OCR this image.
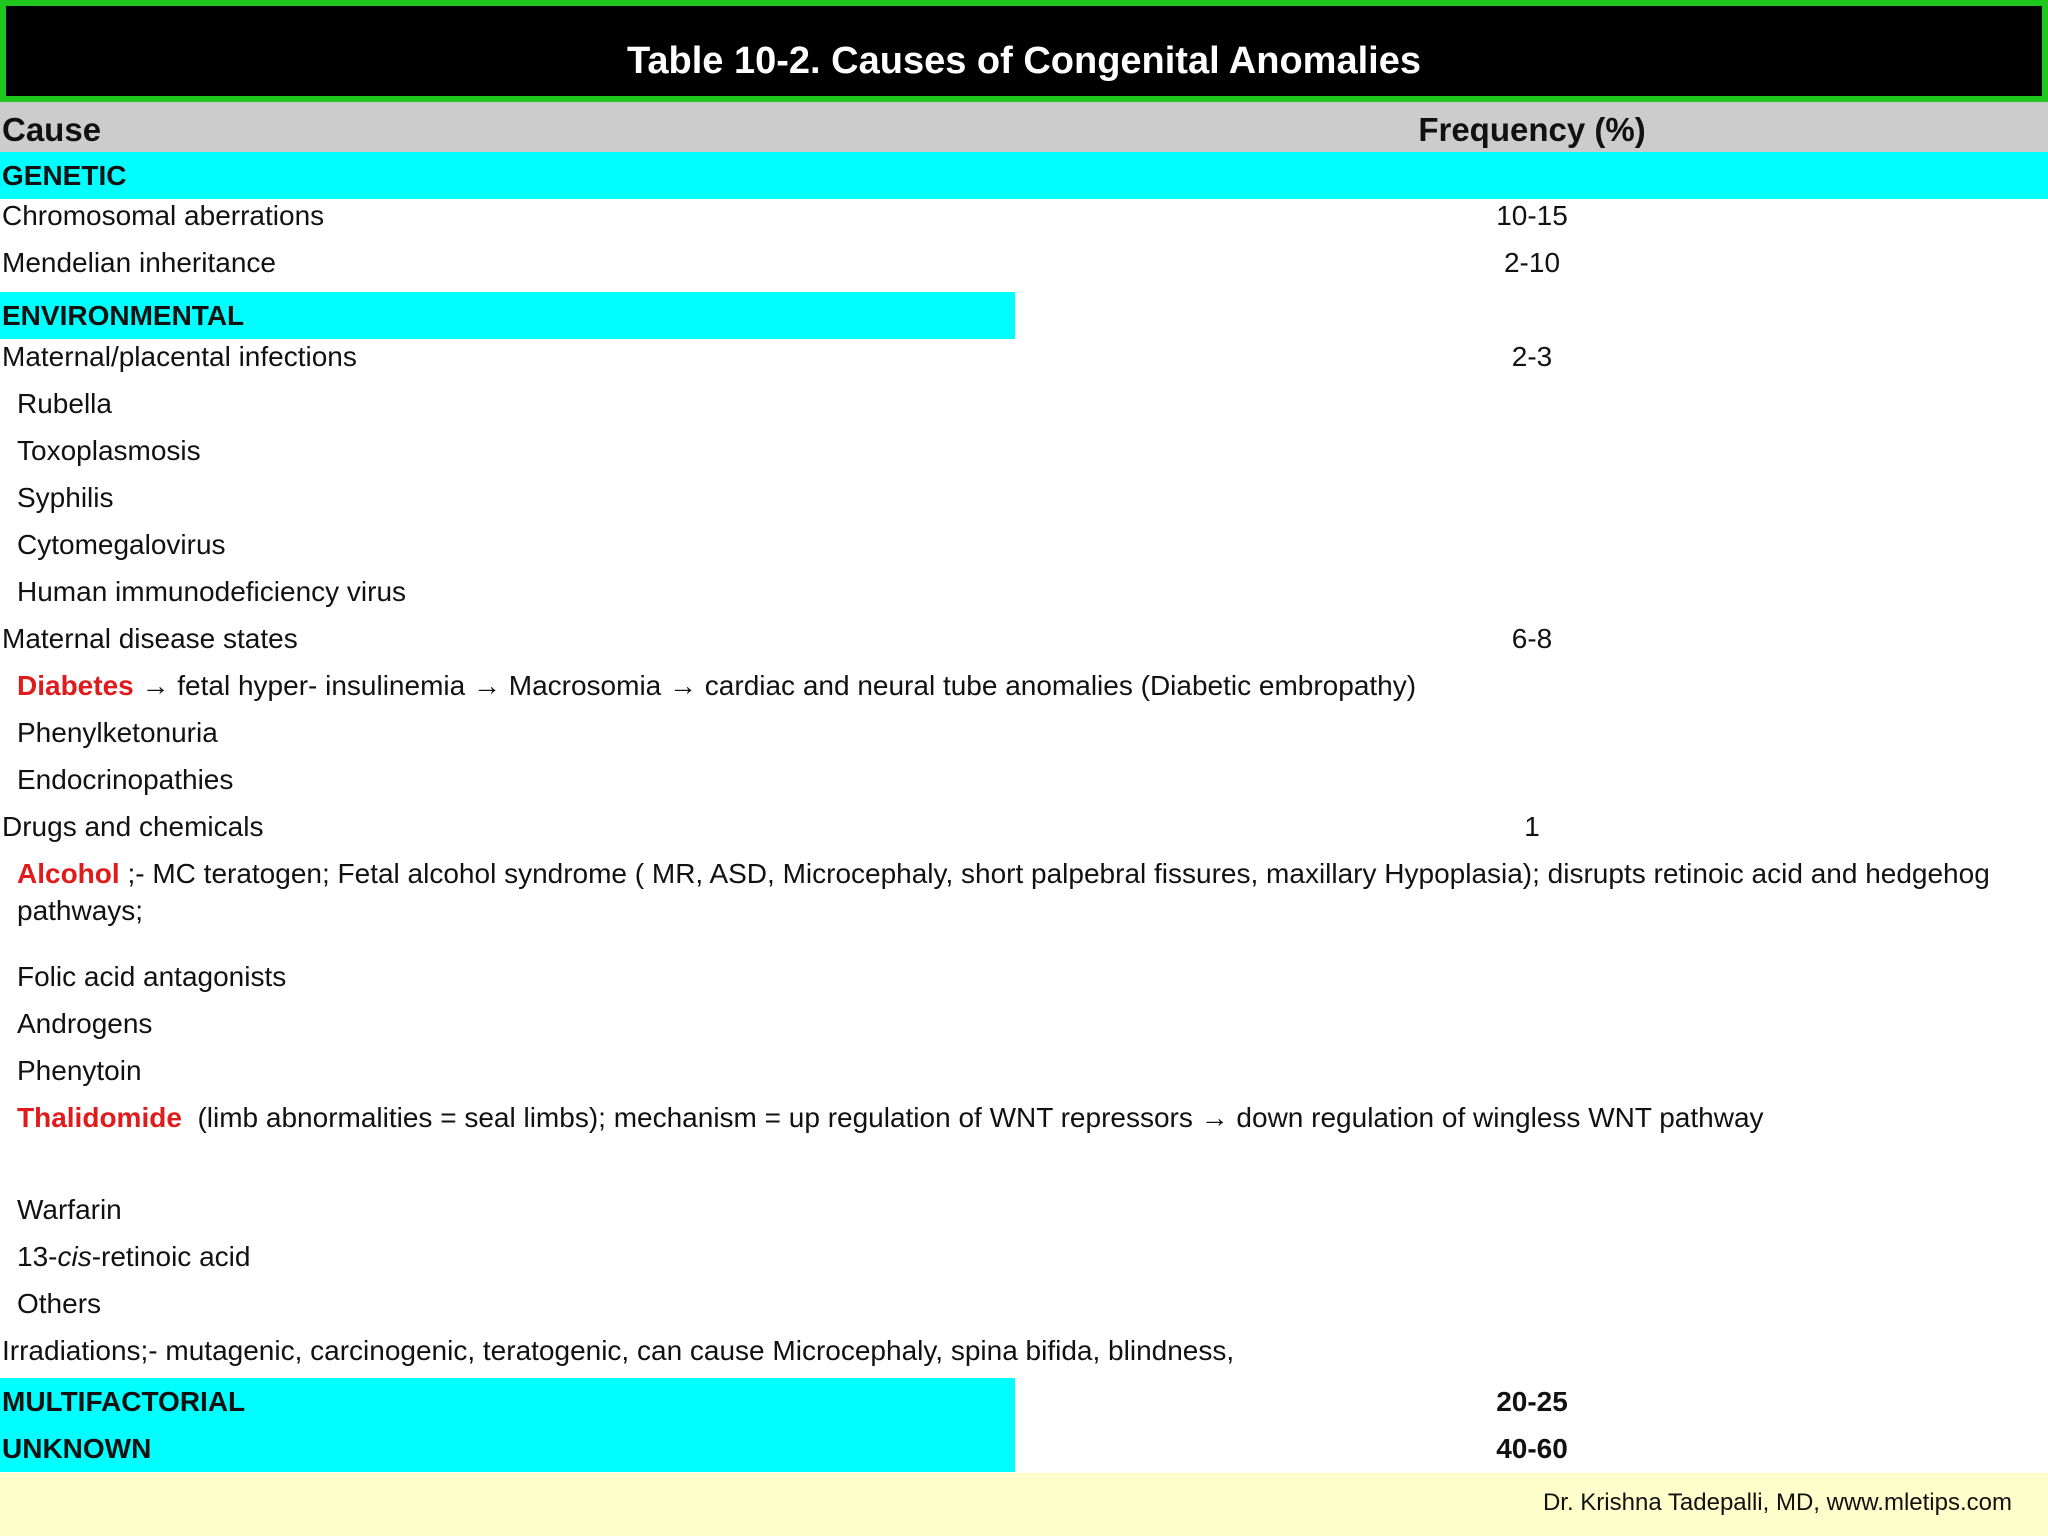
Table 10-2. Causes of Congenital Anomalies
Cause	Frequency (%)
GENETIC
Chromosomal aberrations	10-15
Mendelian inheritance	2-10
ENVIRONMENTAL
Maternal/placental infections	2-3
Rubella
Toxoplasmosis
Syphilis
Cytomegalovirus
Human immunodeficiency virus
Maternal disease states	6-8
Diabetes → fetal hyper- insulinemia → Macrosomia → cardiac and neural tube anomalies (Diabetic embropathy)
Phenylketonuria
Endocrinopathies
Drugs and chemicals	1
Alcohol ;- MC teratogen; Fetal alcohol syndrome ( MR, ASD, Microcephaly, short palpebral fissures, maxillary Hypoplasia); disrupts retinoic acid and hedgehog pathways;
Folic acid antagonists
Androgens
Phenytoin
Thalidomide  (limb abnormalities = seal limbs); mechanism = up regulation of WNT repressors → down regulation of wingless WNT pathway
Warfarin
13-cis-retinoic acid
Others
Irradiations;- mutagenic, carcinogenic, teratogenic, can cause Microcephaly, spina bifida, blindness,
MULTIFACTORIAL	20-25
UNKNOWN	40-60
Dr. Krishna Tadepalli, MD, www.mletips.com
